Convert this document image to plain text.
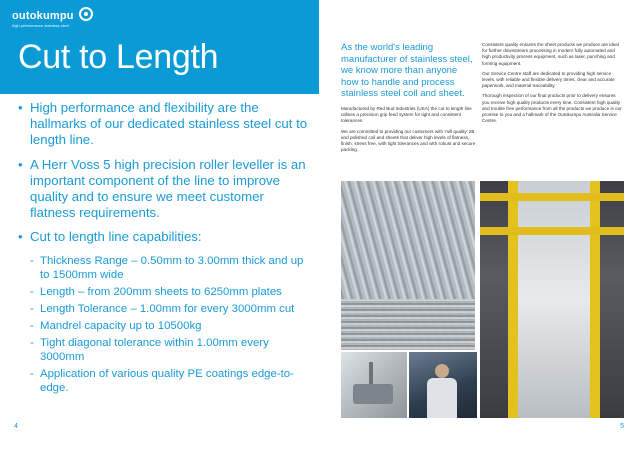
outokumpu
high performance stainless steel
Cut to Length
• High performance and flexibility are the hallmarks of our dedicated stainless steel cut to length line.
• A Herr Voss 5 high precision roller leveller is an important component of the line to improve quality and to ensure we meet customer flatness requirements.
• Cut to length line capabilities:
- Thickness Range – 0.50mm to 3.00mm thick and up to 1500mm wide
- Length – from 200mm sheets to 6250mm plates
- Length Tolerance – 1.00mm for every 3000mm cut
- Mandrel capacity up to 10500kg
- Tight diagonal tolerance within 1.00mm every 3000mm
- Application of various quality PE coatings edge-to-edge.
4
As the world's leading manufacturer of stainless steel, we know more than anyone how to handle and process stainless steel coil and sheet.

Manufactured by Red Bud Industries (USA) the cut to length line utilises a precision grip feed system for tight and consistent tolerances.

We are committed to providing our customers with 'mill quality' 2B and polished coil and sheets that deliver high levels of flatness, finish, stress free, with tight tolerances and with robust and secure packing.

Consistent quality ensures the sheet products we produce are ideal for further downstream processing in modern fully automated and high productivity process equipment, such as laser, punching and forming equipment.

Our Service Centre staff are dedicated to providing high service levels, with reliable and flexible delivery times, clear and accurate paperwork, and material traceability.

Thorough inspection of our final products prior to delivery ensures you receive high quality products every time. Consistent high quality and trouble free performance from all the products we produce is our promise to you and a hallmark of the Outokumpu Australia Service Centre.

5
